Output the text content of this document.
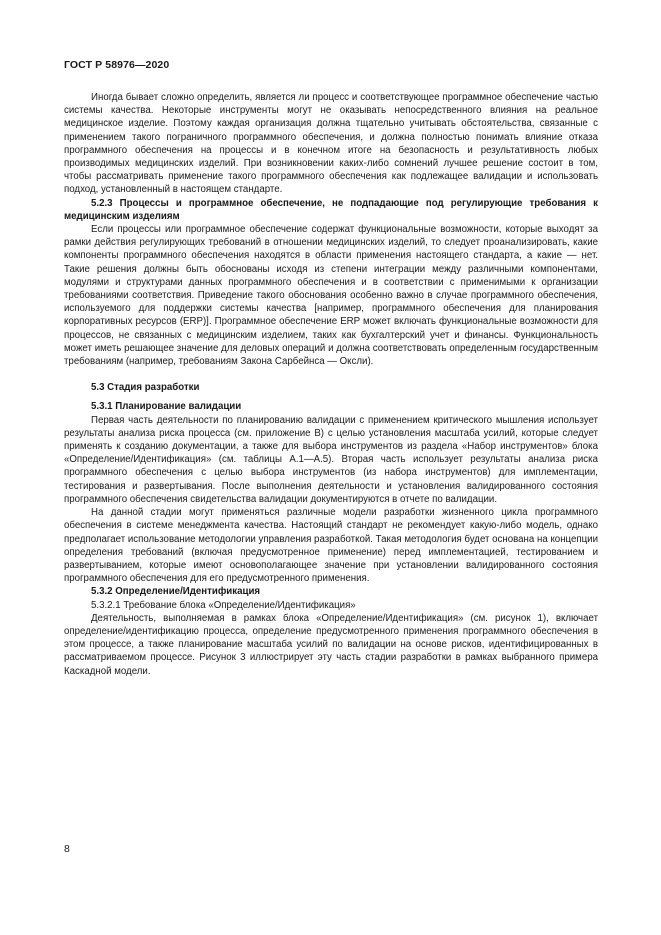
ГОСТ Р 58976—2020

Иногда бывает сложно определить, является ли процесс и соответствующее программное обеспечение частью системы качества. Некоторые инструменты могут не оказывать непосредственного влияния на реальное медицинское изделие. Поэтому каждая организация должна тщательно учитывать обстоятельства, связанные с применением такого пограничного программного обеспечения, и должна полностью понимать влияние отказа программного обеспечения на процессы и в конечном итоге на безопасность и результативность любых производимых медицинских изделий. При возникновении каких-либо сомнений лучшее решение состоит в том, чтобы рассматривать применение такого программного обеспечения как подлежащее валидации и использовать подход, установленный в настоящем стандарте.

5.2.3 Процессы и программное обеспечение, не подпадающие под регулирующие требования к медицинским изделиям

Если процессы или программное обеспечение содержат функциональные возможности, которые выходят за рамки действия регулирующих требований в отношении медицинских изделий, то следует проанализировать, какие компоненты программного обеспечения находятся в области применения настоящего стандарта, а какие — нет. Такие решения должны быть обоснованы исходя из степени интеграции между различными компонентами, модулями и структурами данных программного обеспечения и в соответствии с применимыми к организации требованиями соответствия. Приведение такого обоснования особенно важно в случае программного обеспечения, используемого для поддержки системы качества [например, программного обеспечения для планирования корпоративных ресурсов (ERP)]. Программное обеспечение ERP может включать функциональные возможности для процессов, не связанных с медицинским изделием, таких как бухгалтерский учет и финансы. Функциональность может иметь решающее значение для деловых операций и должна соответствовать определенным государственным требованиям (например, требованиям Закона Сарбейнса — Оксли).

5.3 Стадия разработки

5.3.1 Планирование валидации

Первая часть деятельности по планированию валидации с применением критического мышления использует результаты анализа риска процесса (см. приложение В) с целью установления масштаба усилий, которые следует применять к созданию документации, а также для выбора инструментов из раздела «Набор инструментов» блока «Определение/Идентификация» (см. таблицы А.1—А.5). Вторая часть использует результаты анализа риска программного обеспечения с целью выбора инструментов (из набора инструментов) для имплементации, тестирования и развертывания. После выполнения деятельности и установления валидированного состояния программного обеспечения свидетельства валидации документируются в отчете по валидации.

На данной стадии могут применяться различные модели разработки жизненного цикла программного обеспечения в системе менеджмента качества. Настоящий стандарт не рекомендует какую-либо модель, однако предполагает использование методологии управления разработкой. Такая методология будет основана на концепции определения требований (включая предусмотренное применение) перед имплементацией, тестированием и развертыванием, которые имеют основополагающее значение при установлении валидированного состояния программного обеспечения для его предусмотренного применения.

5.3.2 Определение/Идентификация

5.3.2.1 Требование блока «Определение/Идентификация»

Деятельность, выполняемая в рамках блока «Определение/Идентификация» (см. рисунок 1), включает определение/идентификацию процесса, определение предусмотренного применения программного обеспечения в этом процессе, а также планирование масштаба усилий по валидации на основе рисков, идентифицированных в рассматриваемом процессе. Рисунок 3 иллюстрирует эту часть стадии разработки в рамках выбранного примера Каскадной модели.

8
